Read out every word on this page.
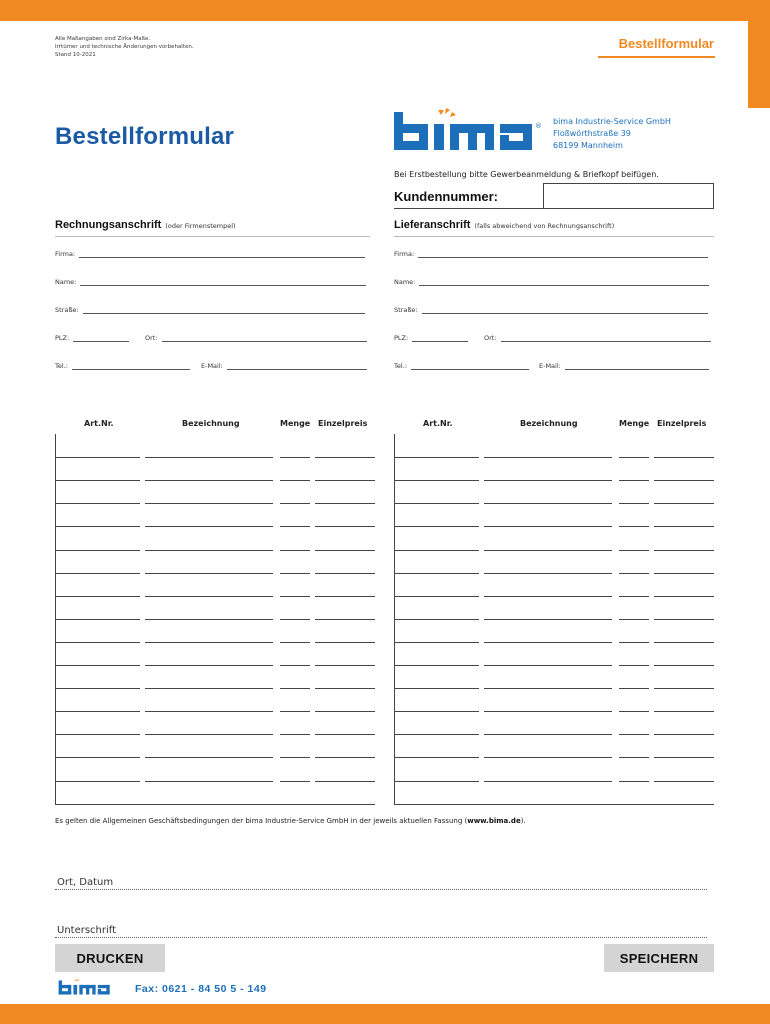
Alle Maßangaben sind Zirka-Maße.
Irrtümer und technische Änderungen vorbehalten.
Stand 10-2021
Bestellformular
Bestellformular	® bima Industrie-Service GmbH
Floßwörthstraße 39
68199 Mannheim
Bei Erstbestellung bitte Gewerbeanmeldung & Briefkopf beifügen.
Kundennummer:
Rechnungsanschrift (oder Firmenstempel)
Firma:
Name:
Straße:
PLZ:	Ort:
Tel.:	E-Mail:
Lieferanschrift (falls abweichend von Rechnungsanschrift)
Firma:
Name:
Straße:
PLZ:	Ort:
Tel.:	E-Mail:
Art.Nr.	Bezeichnung	Menge Einzelpreis	Art.Nr.	Bezeichnung	Menge Einzelpreis
Es gelten die Allgemeinen Geschäftsbedingungen der bima Industrie-Service GmbH in der jeweils aktuellen Fassung (www.bima.de).
Ort, Datum
Unterschrift
DRUCKEN	SPEICHERN
Fax: 0621 - 84 50 5 - 149
